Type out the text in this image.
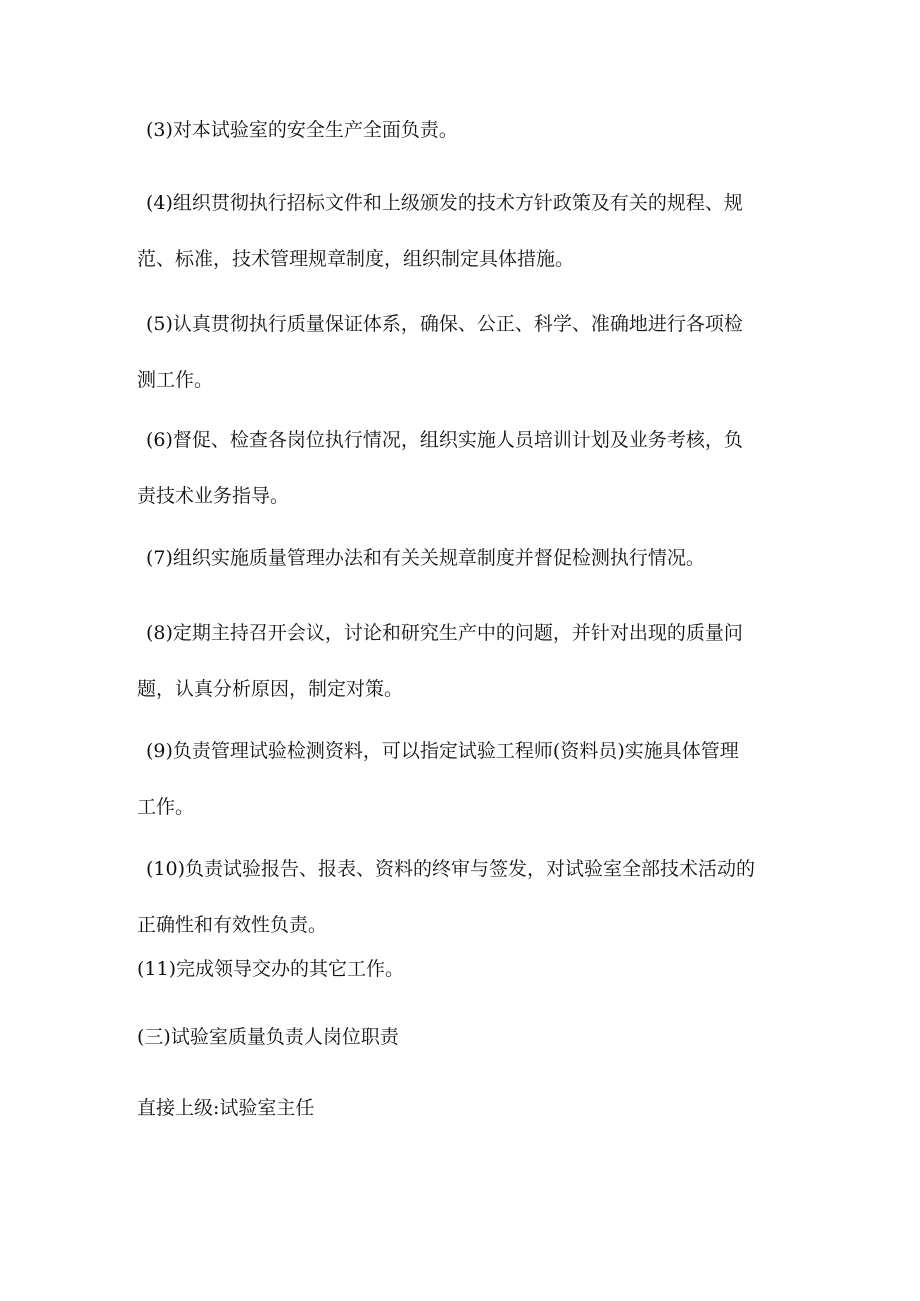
(3)对本试验室的安全生产全面负责。

(4)组织贯彻执行招标文件和上级颁发的技术方针政策及有关的规程、规
范、标准，技术管理规章制度，组织制定具体措施。

(5)认真贯彻执行质量保证体系，确保、公正、科学、准确地进行各项检
测工作。

(6)督促、检查各岗位执行情况，组织实施人员培训计划及业务考核，负
责技术业务指导。

(7)组织实施质量管理办法和有关关规章制度并督促检测执行情况。

(8)定期主持召开会议，讨论和研究生产中的问题，并针对出现的质量问
题，认真分析原因，制定对策。

(9)负责管理试验检测资料，可以指定试验工程师(资料员)实施具体管理
工作。

(10)负责试验报告、报表、资料的终审与签发，对试验室全部技术活动的
正确性和有效性负责。

(11)完成领导交办的其它工作。

(三)试验室质量负责人岗位职责

直接上级:试验室主任
